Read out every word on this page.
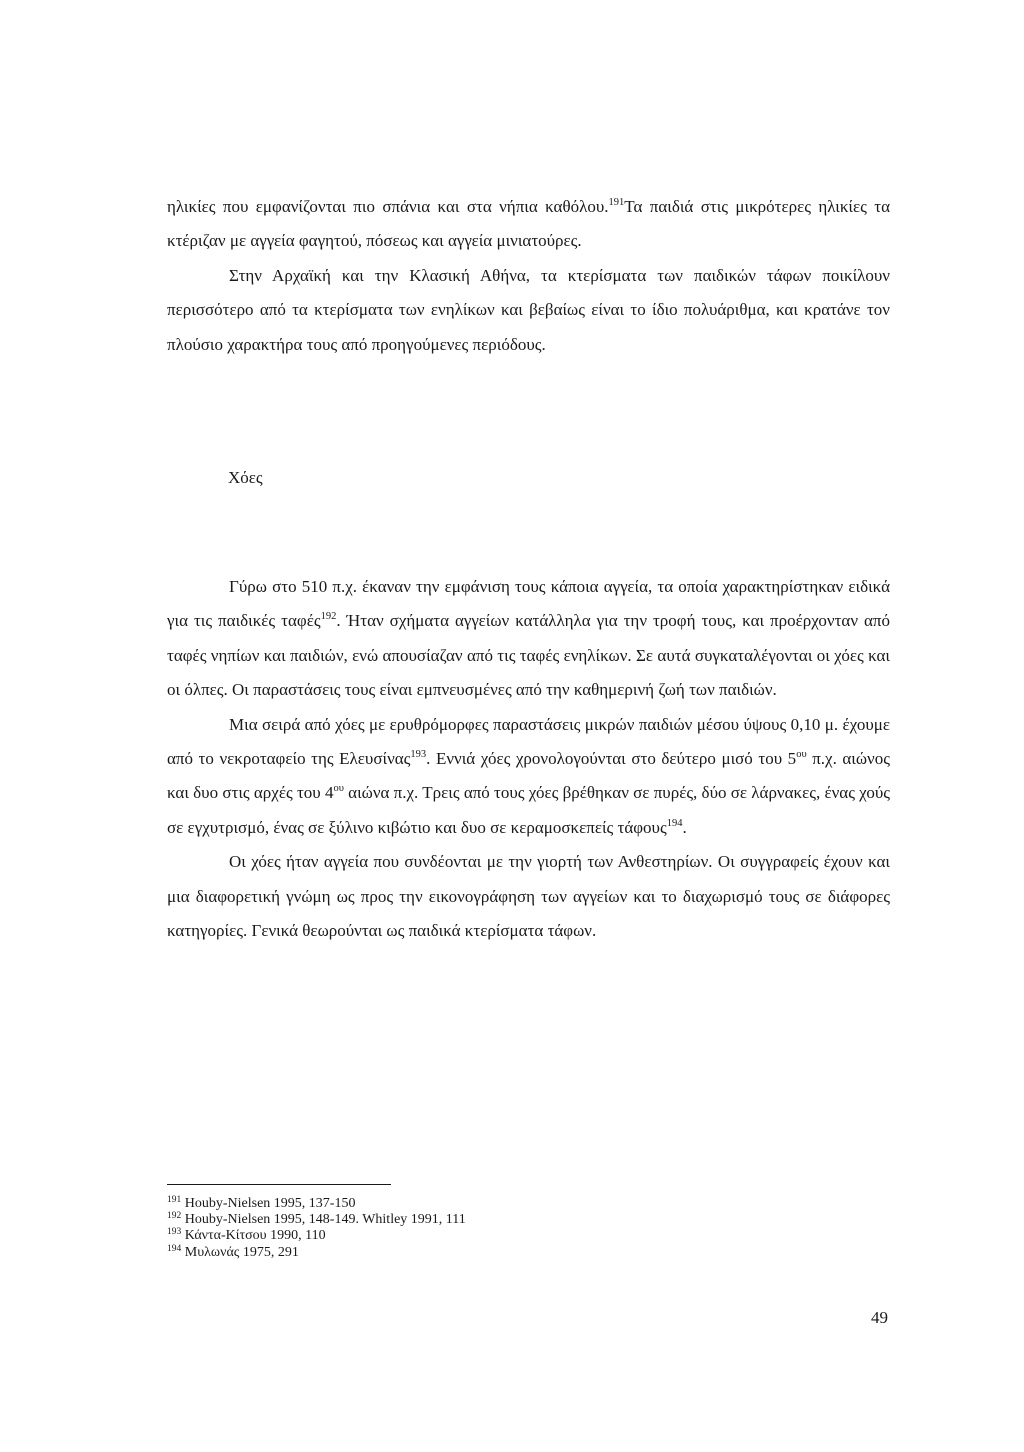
ηλικίες που εμφανίζονται πιο σπάνια και στα νήπια καθόλου.$^{191}$Τα παιδιά στις μικρότερες ηλικίες τα κτέριζαν με αγγεία φαγητού, πόσεως και αγγεία μινιατούρες.

Στην Αρχαϊκή και την Κλασική Αθήνα, τα κτερίσματα των παιδικών τάφων ποικίλουν περισσότερο από τα κτερίσματα των ενηλίκων και βεβαίως είναι το ίδιο πολυάριθμα, και κρατάνε τον πλούσιο χαρακτήρα τους από προηγούμενες περιόδους.

Χόες

Γύρω στο 510 π.χ. έκαναν την εμφάνιση τους κάποια αγγεία, τα οποία χαρακτηρίστηκαν ειδικά για τις παιδικές ταφές$^{192}$. Ήταν σχήματα αγγείων κατάλληλα για την τροφή τους, και προέρχονταν από ταφές νηπίων και παιδιών, ενώ απουσίαζαν από τις ταφές ενηλίκων. Σε αυτά συγκαταλέγονται οι χόες και οι όλπες. Οι παραστάσεις τους είναι εμπνευσμένες από την καθημερινή ζωή των παιδιών.

Μια σειρά από χόες με ερυθρόμορφες παραστάσεις μικρών παιδιών μέσου ύψους 0,10 μ. έχουμε από το νεκροταφείο της Ελευσίνας$^{193}$. Εννιά χόες χρονολογούνται στο δεύτερο μισό του $5^{o\upsilon}$ π.χ. αιώνος και δυο στις αρχές του $4^{o\upsilon}$ αιώνα π.χ. Τρεις από τους χόες βρέθηκαν σε πυρές, δύο σε λάρνακες, ένας χούς σε εγχυτρισμό, ένας σε ξύλινο κιβώτιο και δυο σε κεραμοσκεπείς τάφους$^{194}$.

Οι χόες ήταν αγγεία που συνδέονται με την γιορτή των Ανθεστηρίων. Οι συγγραφείς έχουν και μια διαφορετική γνώμη ως προς την εικονογράφηση των αγγείων και το διαχωρισμό τους σε διάφορες κατηγορίες. Γενικά θεωρούνται ως παιδικά κτερίσματα τάφων.

$^{191}$ Houby-Nielsen 1995, 137-150
$^{192}$ Houby-Nielsen 1995, 148-149. Whitley 1991, 111
$^{193}$ Κάντα-Κίτσου 1990, 110
$^{194}$ Μυλωνάς 1975, 291
49
